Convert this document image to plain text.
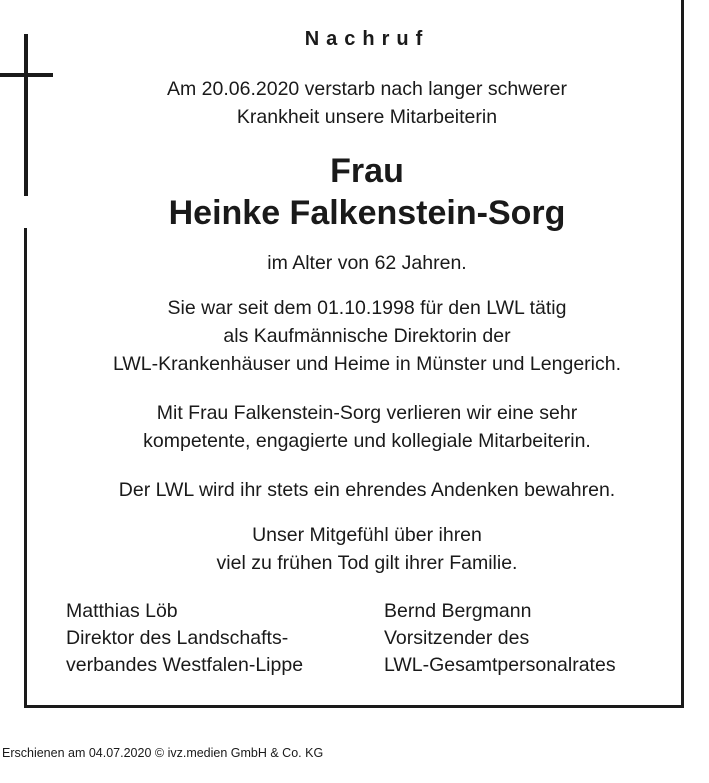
Nachruf
Am 20.06.2020 verstarb nach langer schwerer
Krankheit unsere Mitarbeiterin
Frau
Heinke Falkenstein-Sorg
im Alter von 62 Jahren.
Sie war seit dem 01.10.1998 für den LWL tätig
als Kaufmännische Direktorin der
LWL-Krankenhäuser und Heime in Münster und Lengerich.
Mit Frau Falkenstein-Sorg verlieren wir eine sehr
kompetente, engagierte und kollegiale Mitarbeiterin.
Der LWL wird ihr stets ein ehrendes Andenken bewahren.
Unser Mitgefühl über ihren
viel zu frühen Tod gilt ihrer Familie.
Matthias Löb
Direktor des Landschafts-
verbandes Westfalen-Lippe
Bernd Bergmann
Vorsitzender des
LWL-Gesamtpersonalrates
Erschienen am 04.07.2020 © ivz.medien GmbH & Co. KG
